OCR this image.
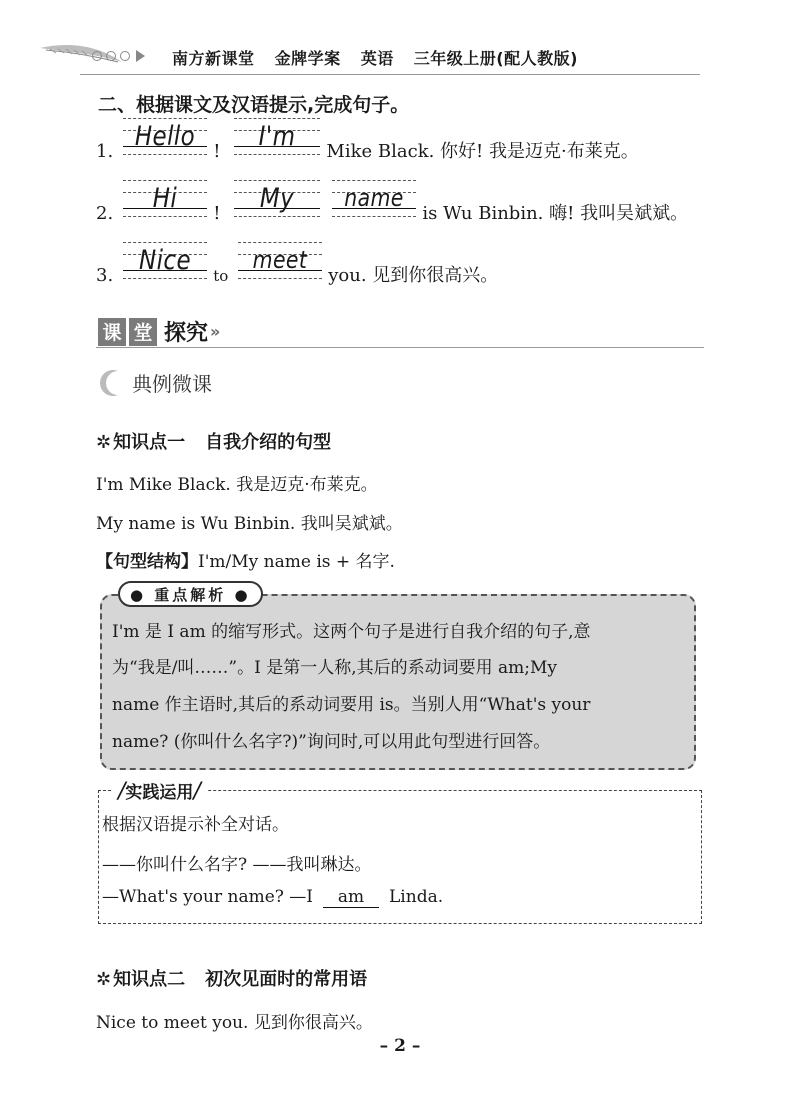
南方新课堂 金牌学案 英语 三年级上册(配人教版)
二、根据课文及汉语提示,完成句子。
1. Hello !	I'm	Mike Black. 你好! 我是迈克·布莱克。
2.	Hi	!	My	name
is Wu Binbin. 嗨! 我叫吴斌斌。
3. Nice	to
meet
you. 见到你很高兴。
课 堂 探究 »
典例微课
✲ 知识点一 自我介绍的句型
I'm Mike Black. 我是迈克·布莱克。
My name is Wu Binbin. 我叫吴斌斌。
【句型结构】I'm/My name is + 名字.
● 重点解析 ●
I'm 是 I am 的缩写形式。这两个句子是进行自我介绍的句子,意
为“我是/叫……”。I 是第一人称,其后的系动词要用 am;My
name 作主语时,其后的系动词要用 is。当别人用“What's your
name? (你叫什么名字?)”询问时,可以用此句型进行回答。
/实践运用/
根据汉语提示补全对话。
——你叫什么名字? ——我叫琳达。
—What's your name? —I am Linda.
✲ 知识点二 初次见面时的常用语
Nice to meet you. 见到你很高兴。
– 2 –
